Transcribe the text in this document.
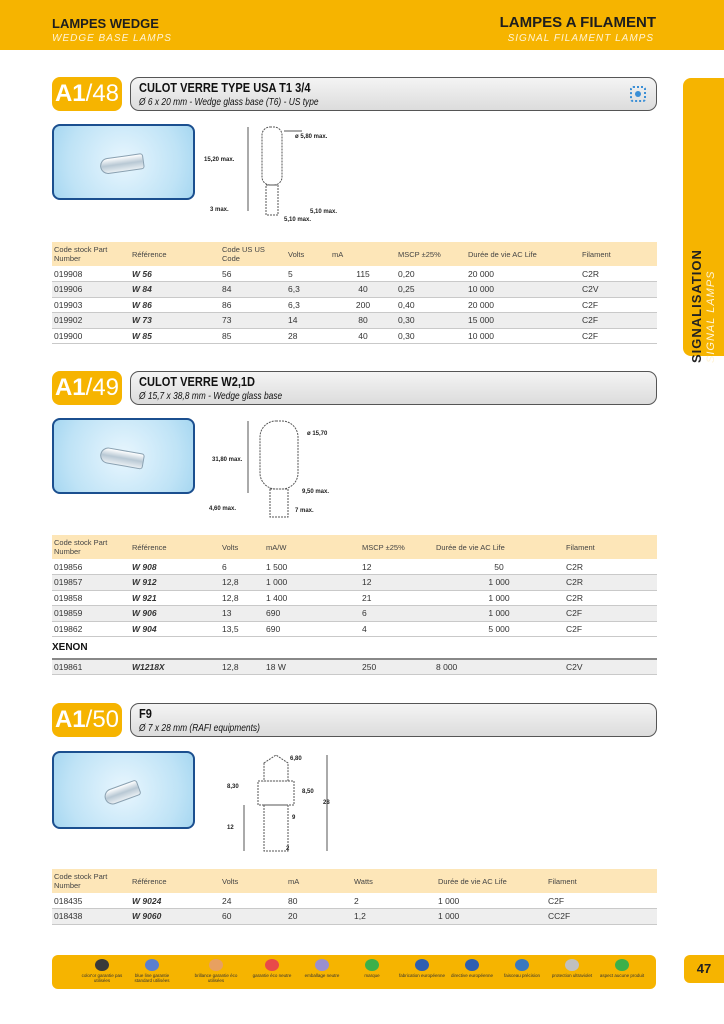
LAMPES WEDGE
WEDGE BASE LAMPS
LAMPES A FILAMENT
SIGNAL FILAMENT LAMPS
SIGNALISATION SIGNAL LAMPS
A1/48 CULOT VERRE TYPE USA T1 3/4
Ø 6 x 20 mm - Wedge glass base (T6) - US type
ø 5,80 max.
15,20 max.
3 max.	5,10 max.
5,10 max.
Code stock Part Number	Référence	Code US US Code	Volts	mA	MSCP ±25%	Durée de vie AC Life	Filament
019908	W 56	56	5	115	0,20	20 000	C2R
019906	W 84	84	6,3	40	0,25	10 000	C2V
019903	W 86	86	6,3	200	0,40	20 000	C2F
019902	W 73	73	14	80	0,30	15 000	C2F
019900	W 85	85	28	40	0,30	10 000	C2F
A1/49 CULOT VERRE W2,1D
Ø 15,7 x 38,8 mm - Wedge glass base
ø 15,70
31,80 max.
9,50 max.
4,60 max.	7 max.
Code stock Part Number	Référence	Volts	mA/W	MSCP ±25%	Durée de vie AC Life	Filament
019856	W 908	6	1 500	12	50	C2R
019857	W 912	12,8	1 000	12	1 000	C2R
019858	W 921	12,8	1 400	21	1 000	C2R
019859	W 906	13	690	6	1 000	C2F
019862	W 904	13,5	690	4	5 000	C2F
XENON
019861	W1218X	12,8	18 W	250	8 000	C2V
A1/50 F9
Ø 7 x 28 mm (RAFI equipments)
6,80
8,30
8,50
28
12
9
2
Code stock Part Number	Référence	Volts	mA	Watts	Durée de vie AC Life	Filament
018435	W 9024	24	80	2	1 000	C2F
018438	W 9060	60	20	1,2	1 000	CC2F
color'or garantie pas utilisées
blue line garantie standard utilisées
brillance garantie éco utilisées
garantie éco neutre	emballage neutre	marque	fabrication européenne	directive européenne	faisceau précision	protection ultraviolet	aspect aucune produit	47
